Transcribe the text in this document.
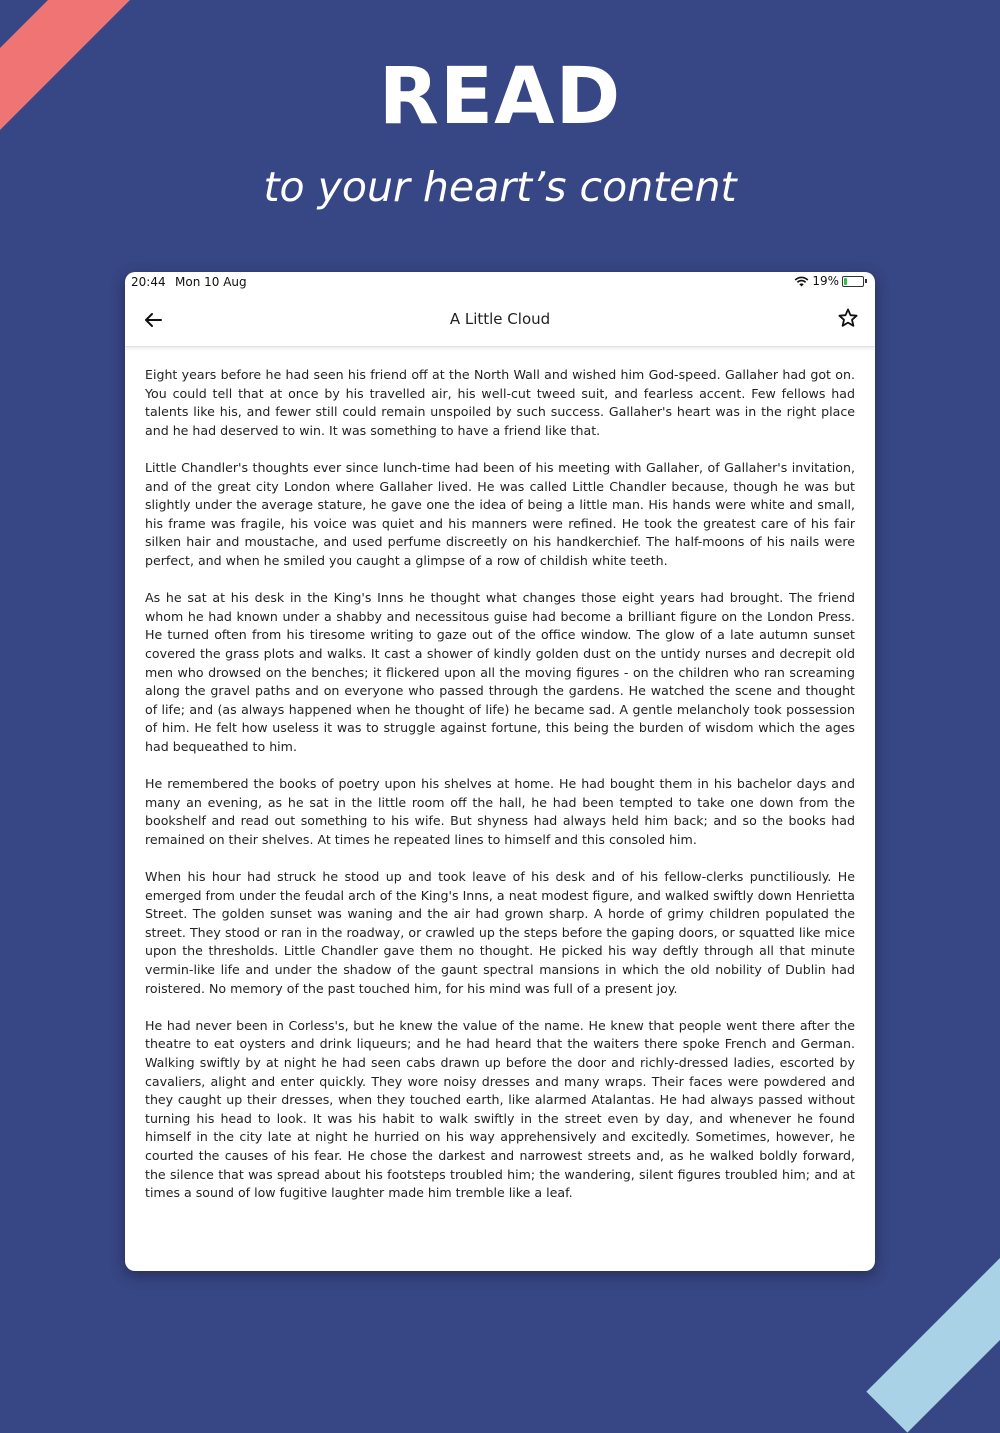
READ
to your heart’s content
20:44 Mon 10 Aug	19%
A Little Cloud

Eight years before he had seen his friend off at the North Wall and wished him God-speed. Gallaher had got on. You could tell that at once by his travelled air, his well-cut tweed suit, and fearless accent. Few fellows had talents like his, and fewer still could remain unspoiled by such success. Gallaher's heart was in the right place and he had deserved to win. It was something to have a friend like that.

Little Chandler's thoughts ever since lunch-time had been of his meeting with Gallaher, of Gallaher's invitation, and of the great city London where Gallaher lived. He was called Little Chandler because, though he was but slightly under the average stature, he gave one the idea of being a little man. His hands were white and small, his frame was fragile, his voice was quiet and his manners were refined. He took the greatest care of his fair silken hair and moustache, and used perfume discreetly on his handkerchief. The half-moons of his nails were perfect, and when he smiled you caught a glimpse of a row of childish white teeth.

As he sat at his desk in the King's Inns he thought what changes those eight years had brought. The friend whom he had known under a shabby and necessitous guise had become a brilliant figure on the London Press. He turned often from his tiresome writing to gaze out of the office window. The glow of a late autumn sunset covered the grass plots and walks. It cast a shower of kindly golden dust on the untidy nurses and decrepit old men who drowsed on the benches; it flickered upon all the moving figures - on the children who ran screaming along the gravel paths and on everyone who passed through the gardens. He watched the scene and thought of life; and (as always happened when he thought of life) he became sad. A gentle melancholy took possession of him. He felt how useless it was to struggle against fortune, this being the burden of wisdom which the ages had bequeathed to him.

He remembered the books of poetry upon his shelves at home. He had bought them in his bachelor days and many an evening, as he sat in the little room off the hall, he had been tempted to take one down from the bookshelf and read out something to his wife. But shyness had always held him back; and so the books had remained on their shelves. At times he repeated lines to himself and this consoled him.

When his hour had struck he stood up and took leave of his desk and of his fellow-clerks punctiliously. He emerged from under the feudal arch of the King's Inns, a neat modest figure, and walked swiftly down Henrietta Street. The golden sunset was waning and the air had grown sharp. A horde of grimy children populated the street. They stood or ran in the roadway, or crawled up the steps before the gaping doors, or squatted like mice upon the thresholds. Little Chandler gave them no thought. He picked his way deftly through all that minute vermin-like life and under the shadow of the gaunt spectral mansions in which the old nobility of Dublin had roistered. No memory of the past touched him, for his mind was full of a present joy.

He had never been in Corless's, but he knew the value of the name. He knew that people went there after the theatre to eat oysters and drink liqueurs; and he had heard that the waiters there spoke French and German. Walking swiftly by at night he had seen cabs drawn up before the door and richly-dressed ladies, escorted by cavaliers, alight and enter quickly. They wore noisy dresses and many wraps. Their faces were powdered and they caught up their dresses, when they touched earth, like alarmed Atalantas. He had always passed without turning his head to look. It was his habit to walk swiftly in the street even by day, and whenever he found himself in the city late at night he hurried on his way apprehensively and excitedly. Sometimes, however, he courted the causes of his fear. He chose the darkest and narrowest streets and, as he walked boldly forward, the silence that was spread about his footsteps troubled him; the wandering, silent figures troubled him; and at times a sound of low fugitive laughter made him tremble like a leaf.
